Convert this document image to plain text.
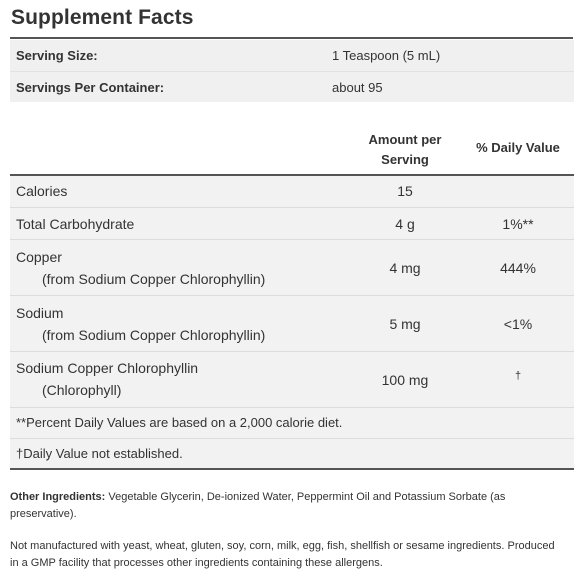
Supplement Facts
Serving Size:	1 Teaspoon (5 mL)
Servings Per Container:	about 95
Amount per
Serving
% Daily Value
Calories	15
Total Carbohydrate	4 g	1%**
Copper
(from Sodium Copper Chlorophyllin)
4 mg	444%
Sodium
(from Sodium Copper Chlorophyllin)
5 mg	<1%
Sodium Copper Chlorophyllin
(Chlorophyll)
100 mg	†
**Percent Daily Values are based on a 2,000 calorie diet.
†Daily Value not established.
Other Ingredients: Vegetable Glycerin, De-ionized Water, Peppermint Oil and Potassium Sorbate (as preservative).
Not manufactured with yeast, wheat, gluten, soy, corn, milk, egg, fish, shellfish or sesame ingredients. Produced in a GMP facility that processes other ingredients containing these allergens.
